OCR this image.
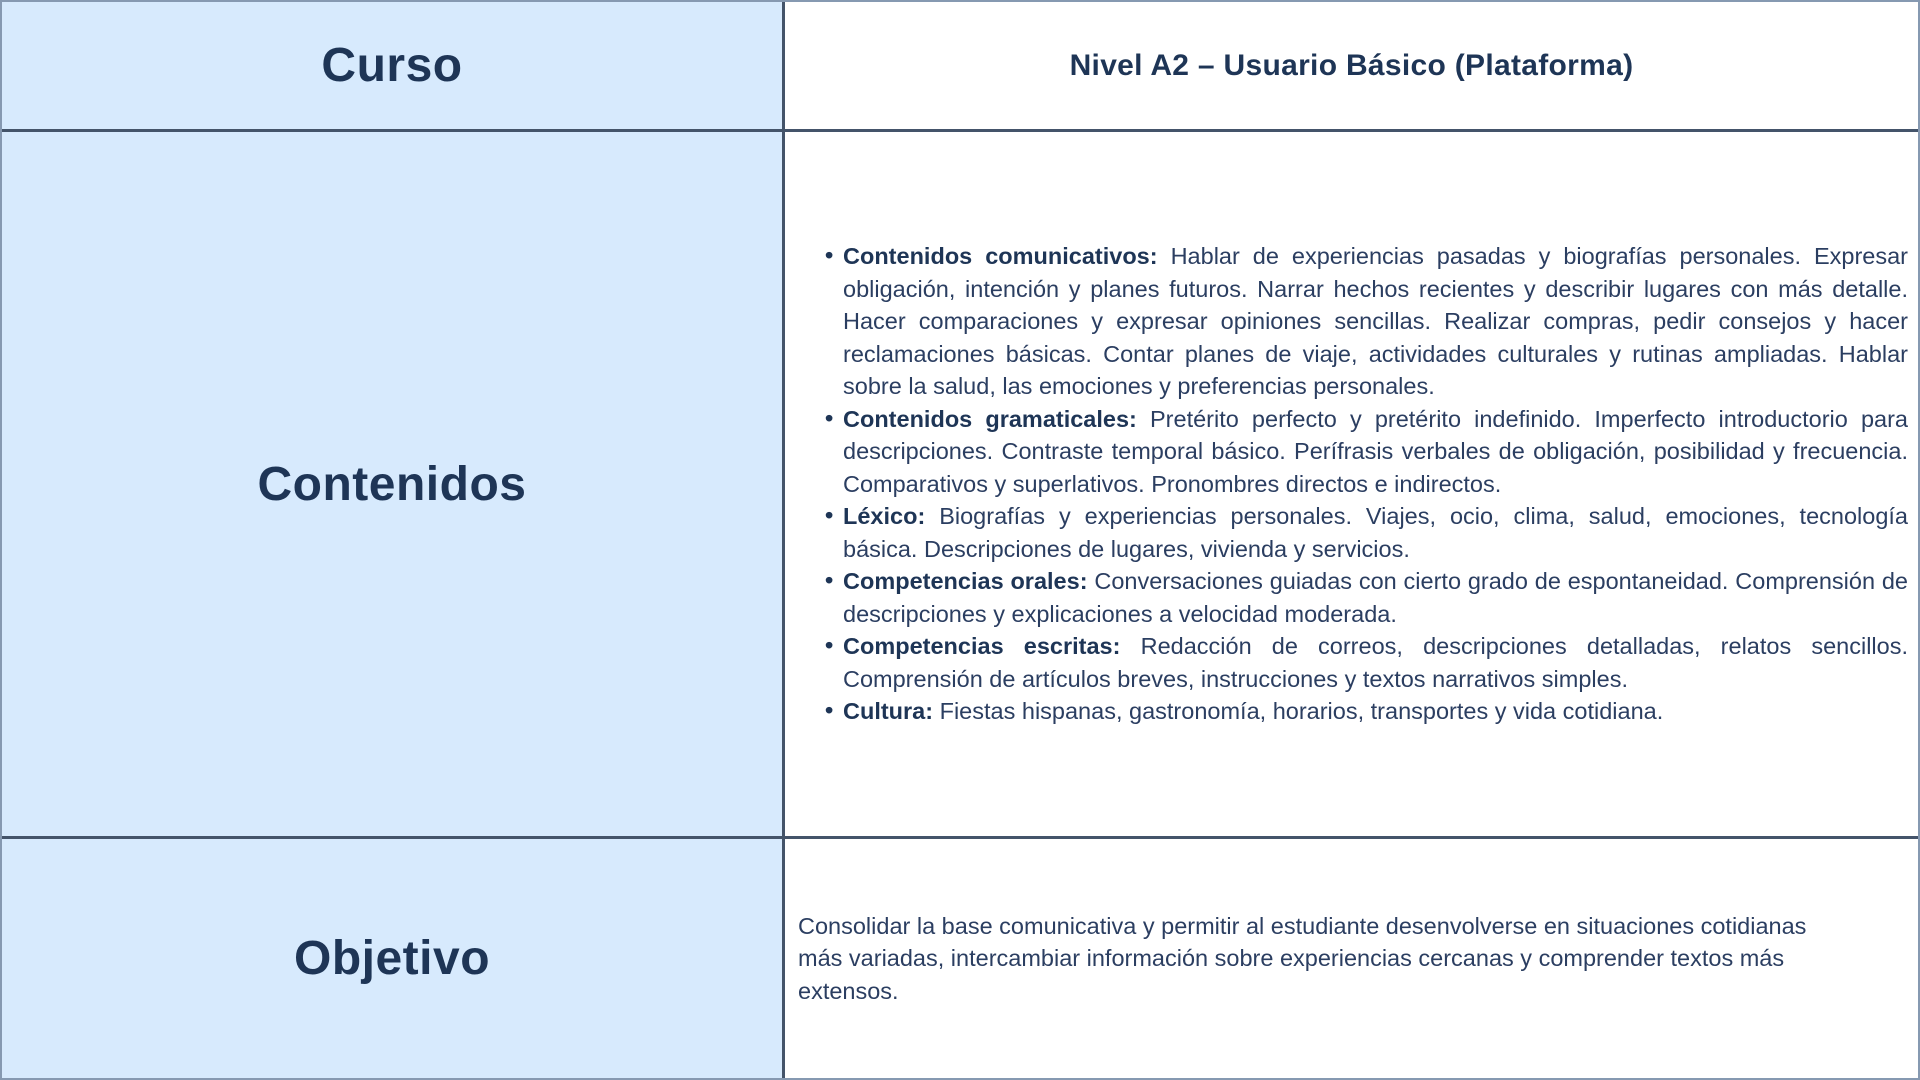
Curso	Nivel A2 – Usuario Básico (Plataforma)
Contenidos
• Contenidos comunicativos: Hablar de experiencias pasadas y biografías personales. Expresar obligación, intención y planes futuros. Narrar hechos recientes y describir lugares con más detalle. Hacer comparaciones y expresar opiniones sencillas. Realizar compras, pedir consejos y hacer reclamaciones básicas. Contar planes de viaje, actividades culturales y rutinas ampliadas. Hablar sobre la salud, las emociones y preferencias personales.
• Contenidos gramaticales: Pretérito perfecto y pretérito indefinido. Imperfecto introductorio para descripciones. Contraste temporal básico. Perífrasis verbales de obligación, posibilidad y frecuencia. Comparativos y superlativos. Pronombres directos e indirectos.
• Léxico: Biografías y experiencias personales. Viajes, ocio, clima, salud, emociones, tecnología básica. Descripciones de lugares, vivienda y servicios.
• Competencias orales: Conversaciones guiadas con cierto grado de espontaneidad. Comprensión de descripciones y explicaciones a velocidad moderada.
• Competencias escritas: Redacción de correos, descripciones detalladas, relatos sencillos. Comprensión de artículos breves, instrucciones y textos narrativos simples.
• Cultura: Fiestas hispanas, gastronomía, horarios, transportes y vida cotidiana.
Objetivo

Consolidar la base comunicativa y permitir al estudiante desenvolverse en situaciones cotidianas más variadas, intercambiar información sobre experiencias cercanas y comprender textos más extensos.
